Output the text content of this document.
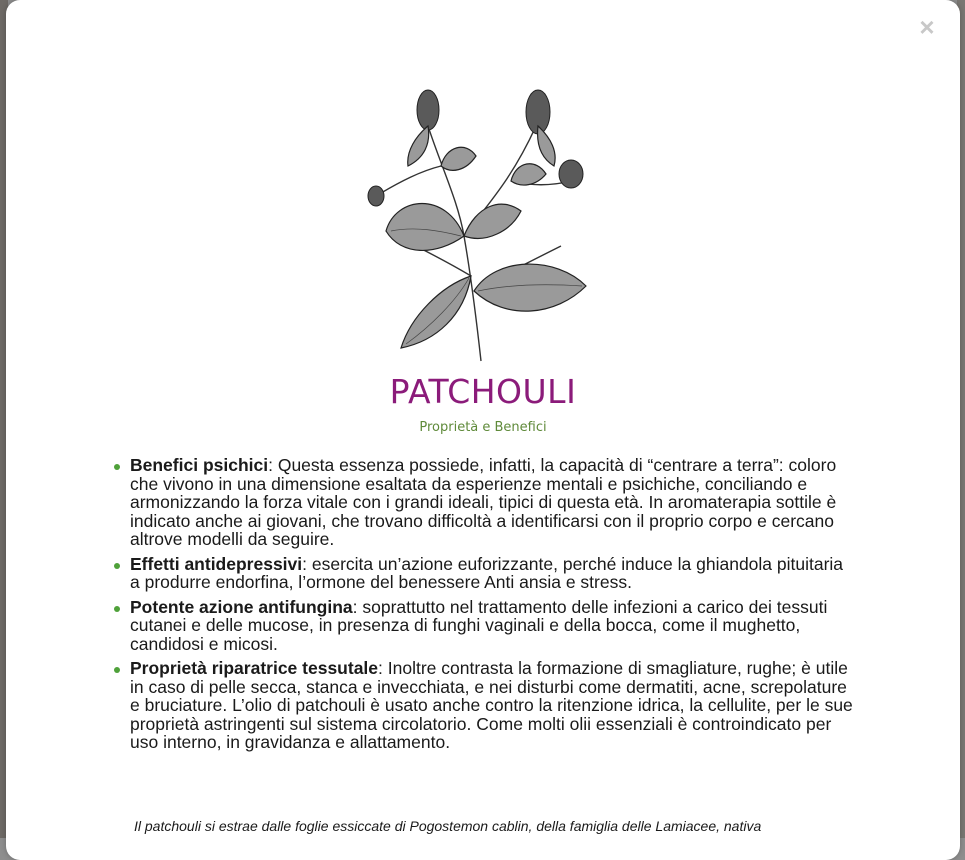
×
PATCHOULI
Proprietà e Benefici
Benefici psichici: Questa essenza possiede, infatti, la capacità di “centrare a terra”: coloro che vivono in una dimensione esaltata da esperienze mentali e psichiche, conciliando e armonizzando la forza vitale con i grandi ideali, tipici di questa età. In aromaterapia sottile è indicato anche ai giovani, che trovano difficoltà a identificarsi con il proprio corpo e cercano altrove modelli da seguire.
Effetti antidepressivi: esercita un’azione euforizzante, perché induce la ghiandola pituitaria a produrre endorfina, l’ormone del benessere Anti ansia e stress.
Potente azione antifungina: soprattutto nel trattamento delle infezioni a carico dei tessuti cutanei e delle mucose, in presenza di funghi vaginali e della bocca, come il mughetto, candidosi e micosi.
Proprietà riparatrice tessutale: Inoltre contrasta la formazione di smagliature, rughe; è utile in caso di pelle secca, stanca e invecchiata, e nei disturbi come dermatiti, acne, screpolature e bruciature. L’olio di patchouli è usato anche contro la ritenzione idrica, la cellulite, per le sue proprietà astringenti sul sistema circolatorio. Come molti olii essenziali è controindicato per uso interno, in gravidanza e allattamento.
Il patchouli si estrae dalle foglie essiccate di Pogostemon cablin, della famiglia delle Lamiacee, nativa
